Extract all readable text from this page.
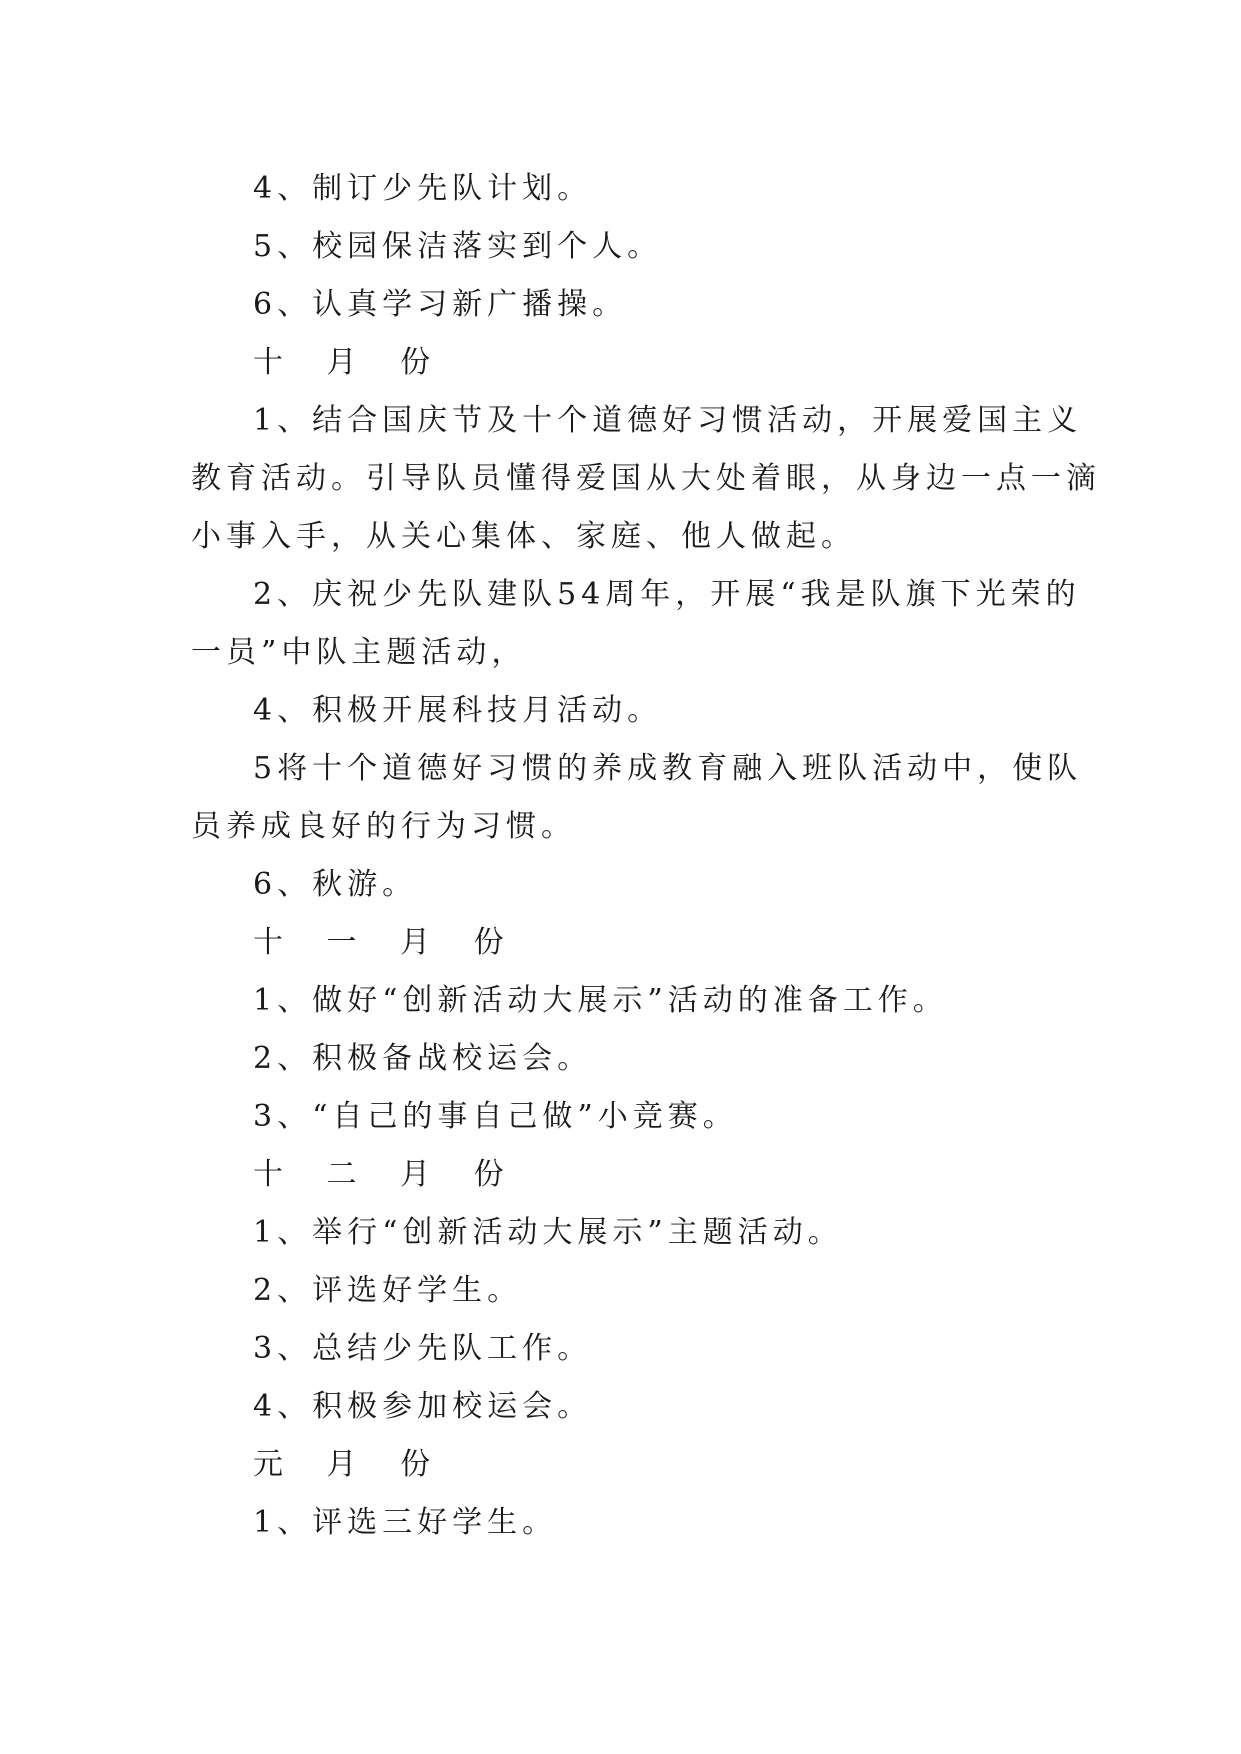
4、制订少先队计划。
5、校园保洁落实到个人。
6、认真学习新广播操。
十 月 份
1、结合国庆节及十个道德好习惯活动，开展爱国主义
教育活动。引导队员懂得爱国从大处着眼，从身边一点一滴
小事入手，从关心集体、家庭、他人做起。
2、庆祝少先队建队54周年，开展“我是队旗下光荣的
一员”中队主题活动，
4、积极开展科技月活动。
5将十个道德好习惯的养成教育融入班队活动中，使队
员养成良好的行为习惯。
6、秋游。
十 一 月 份
1、做好“创新活动大展示”活动的准备工作。
2、积极备战校运会。
3、“自己的事自己做”小竞赛。
十 二 月 份
1、举行“创新活动大展示”主题活动。
2、评选好学生。
3、总结少先队工作。
4、积极参加校运会。
元 月 份
1、评选三好学生。
